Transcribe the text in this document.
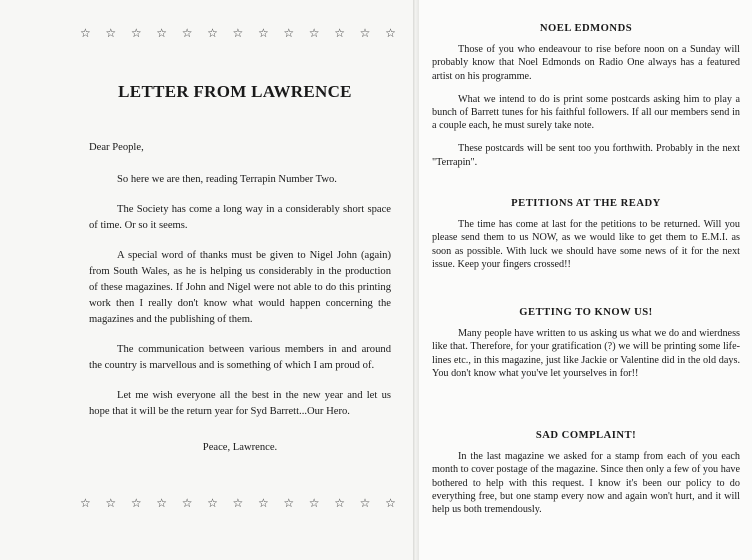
☆ ☆ ☆ ☆ ☆ ☆ ☆ ☆ ☆ ☆ ☆ ☆ ☆
LETTER FROM LAWRENCE

Dear People,

So here we are then, reading Terrapin Number Two.

The Society has come a long way in a considerably short space of time. Or so it seems.

A special word of thanks must be given to Nigel John (again) from South Wales, as he is helping us considerably in the production of these magazines. If John and Nigel were not able to do this printing work then I really don't know what would happen concerning the magazines and the publishing of them.

The communication between various members in and around the country is marvellous and is something of which I am proud of.

Let me wish everyone all the best in the new year and let us hope that it will be the return year for Syd Barrett...Our Hero.

Peace, Lawrence.

☆ ☆ ☆ ☆ ☆ ☆ ☆ ☆ ☆ ☆ ☆ ☆ ☆
NOEL EDMONDS

Those of you who endeavour to rise before noon on a Sunday will probably know that Noel Edmonds on Radio One always has a featured artist on his programme.

What we intend to do is print some postcards asking him to play a bunch of Barrett tunes for his faithful followers. If all our members send in a couple each, he must surely take note.

These postcards will be sent too you forthwith. Probably in the next "Terrapin".

PETITIONS AT THE READY

The time has come at last for the petitions to be returned. Will you please send them to us NOW, as we would like to get them to E.M.I. as soon as possible. With luck we should have some news of it for the next issue. Keep your fingers crossed!!

GETTING TO KNOW US!

Many people have written to us asking us what we do and wierdness like that. Therefore, for your gratification (?) we will be printing some life-lines etc., in this magazine, just like Jackie or Valentine did in the old days. You don't know what you've let yourselves in for!!

SAD COMPLAINT!

In the last magazine we asked for a stamp from each of you each month to cover postage of the magazine. Since then only a few of you have bothered to help with this request. I know it's been our policy to do everything free, but one stamp every now and again won't hurt, and it will help us both tremendously.
